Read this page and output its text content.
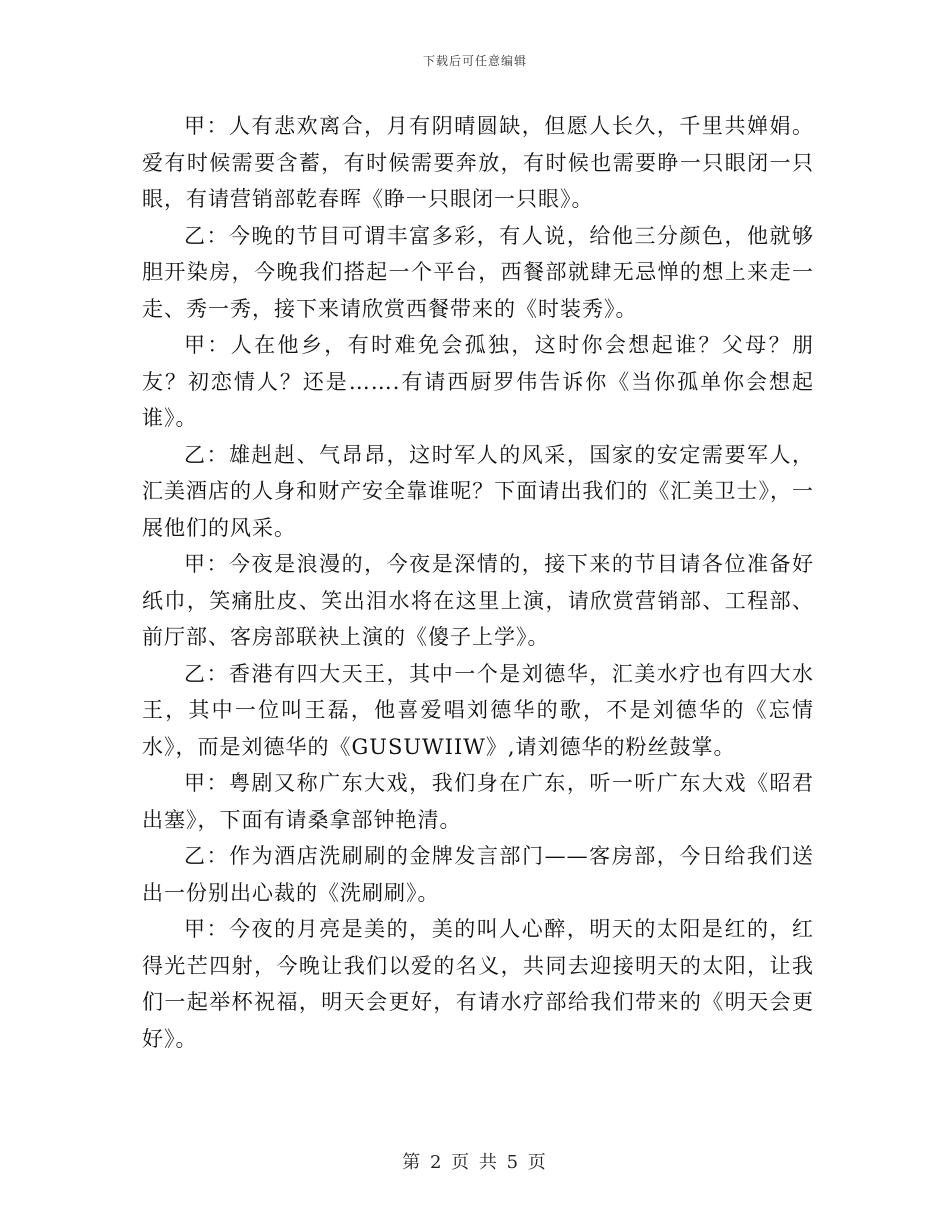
下载后可任意编辑

甲：人有悲欢离合，月有阴晴圆缺，但愿人长久，千里共婵娟。爱有时候需要含蓄，有时候需要奔放，有时候也需要睁一只眼闭一只眼，有请营销部乾春晖《睁一只眼闭一只眼》。

乙：今晚的节目可谓丰富多彩，有人说，给他三分颜色，他就够胆开染房，今晚我们搭起一个平台，西餐部就肆无忌惮的想上来走一走、秀一秀，接下来请欣赏西餐带来的《时装秀》。

甲：人在他乡，有时难免会孤独，这时你会想起谁？父母？朋友？初恋情人？还是…….有请西厨罗伟告诉你《当你孤单你会想起谁》。

乙：雄赳赳、气昂昂，这时军人的风采，国家的安定需要军人，汇美酒店的人身和财产安全靠谁呢？下面请出我们的《汇美卫士》，一展他们的风采。

甲：今夜是浪漫的，今夜是深情的，接下来的节目请各位准备好纸巾，笑痛肚皮、笑出泪水将在这里上演，请欣赏营销部、工程部、前厅部、客房部联袂上演的《傻子上学》。

乙：香港有四大天王，其中一个是刘德华，汇美水疗也有四大水王，其中一位叫王磊，他喜爱唱刘德华的歌，不是刘德华的《忘情水》，而是刘德华的《GUSUWIIW》,请刘德华的粉丝鼓掌。

甲：粤剧又称广东大戏，我们身在广东，听一听广东大戏《昭君出塞》，下面有请桑拿部钟艳清。

乙：作为酒店洗刷刷的金牌发言部门——客房部，今日给我们送出一份别出心裁的《洗刷刷》。

甲：今夜的月亮是美的，美的叫人心醉，明天的太阳是红的，红得光芒四射，今晚让我们以爱的名义，共同去迎接明天的太阳，让我们一起举杯祝福，明天会更好，有请水疗部给我们带来的《明天会更好》。

第 2 页 共 5 页
